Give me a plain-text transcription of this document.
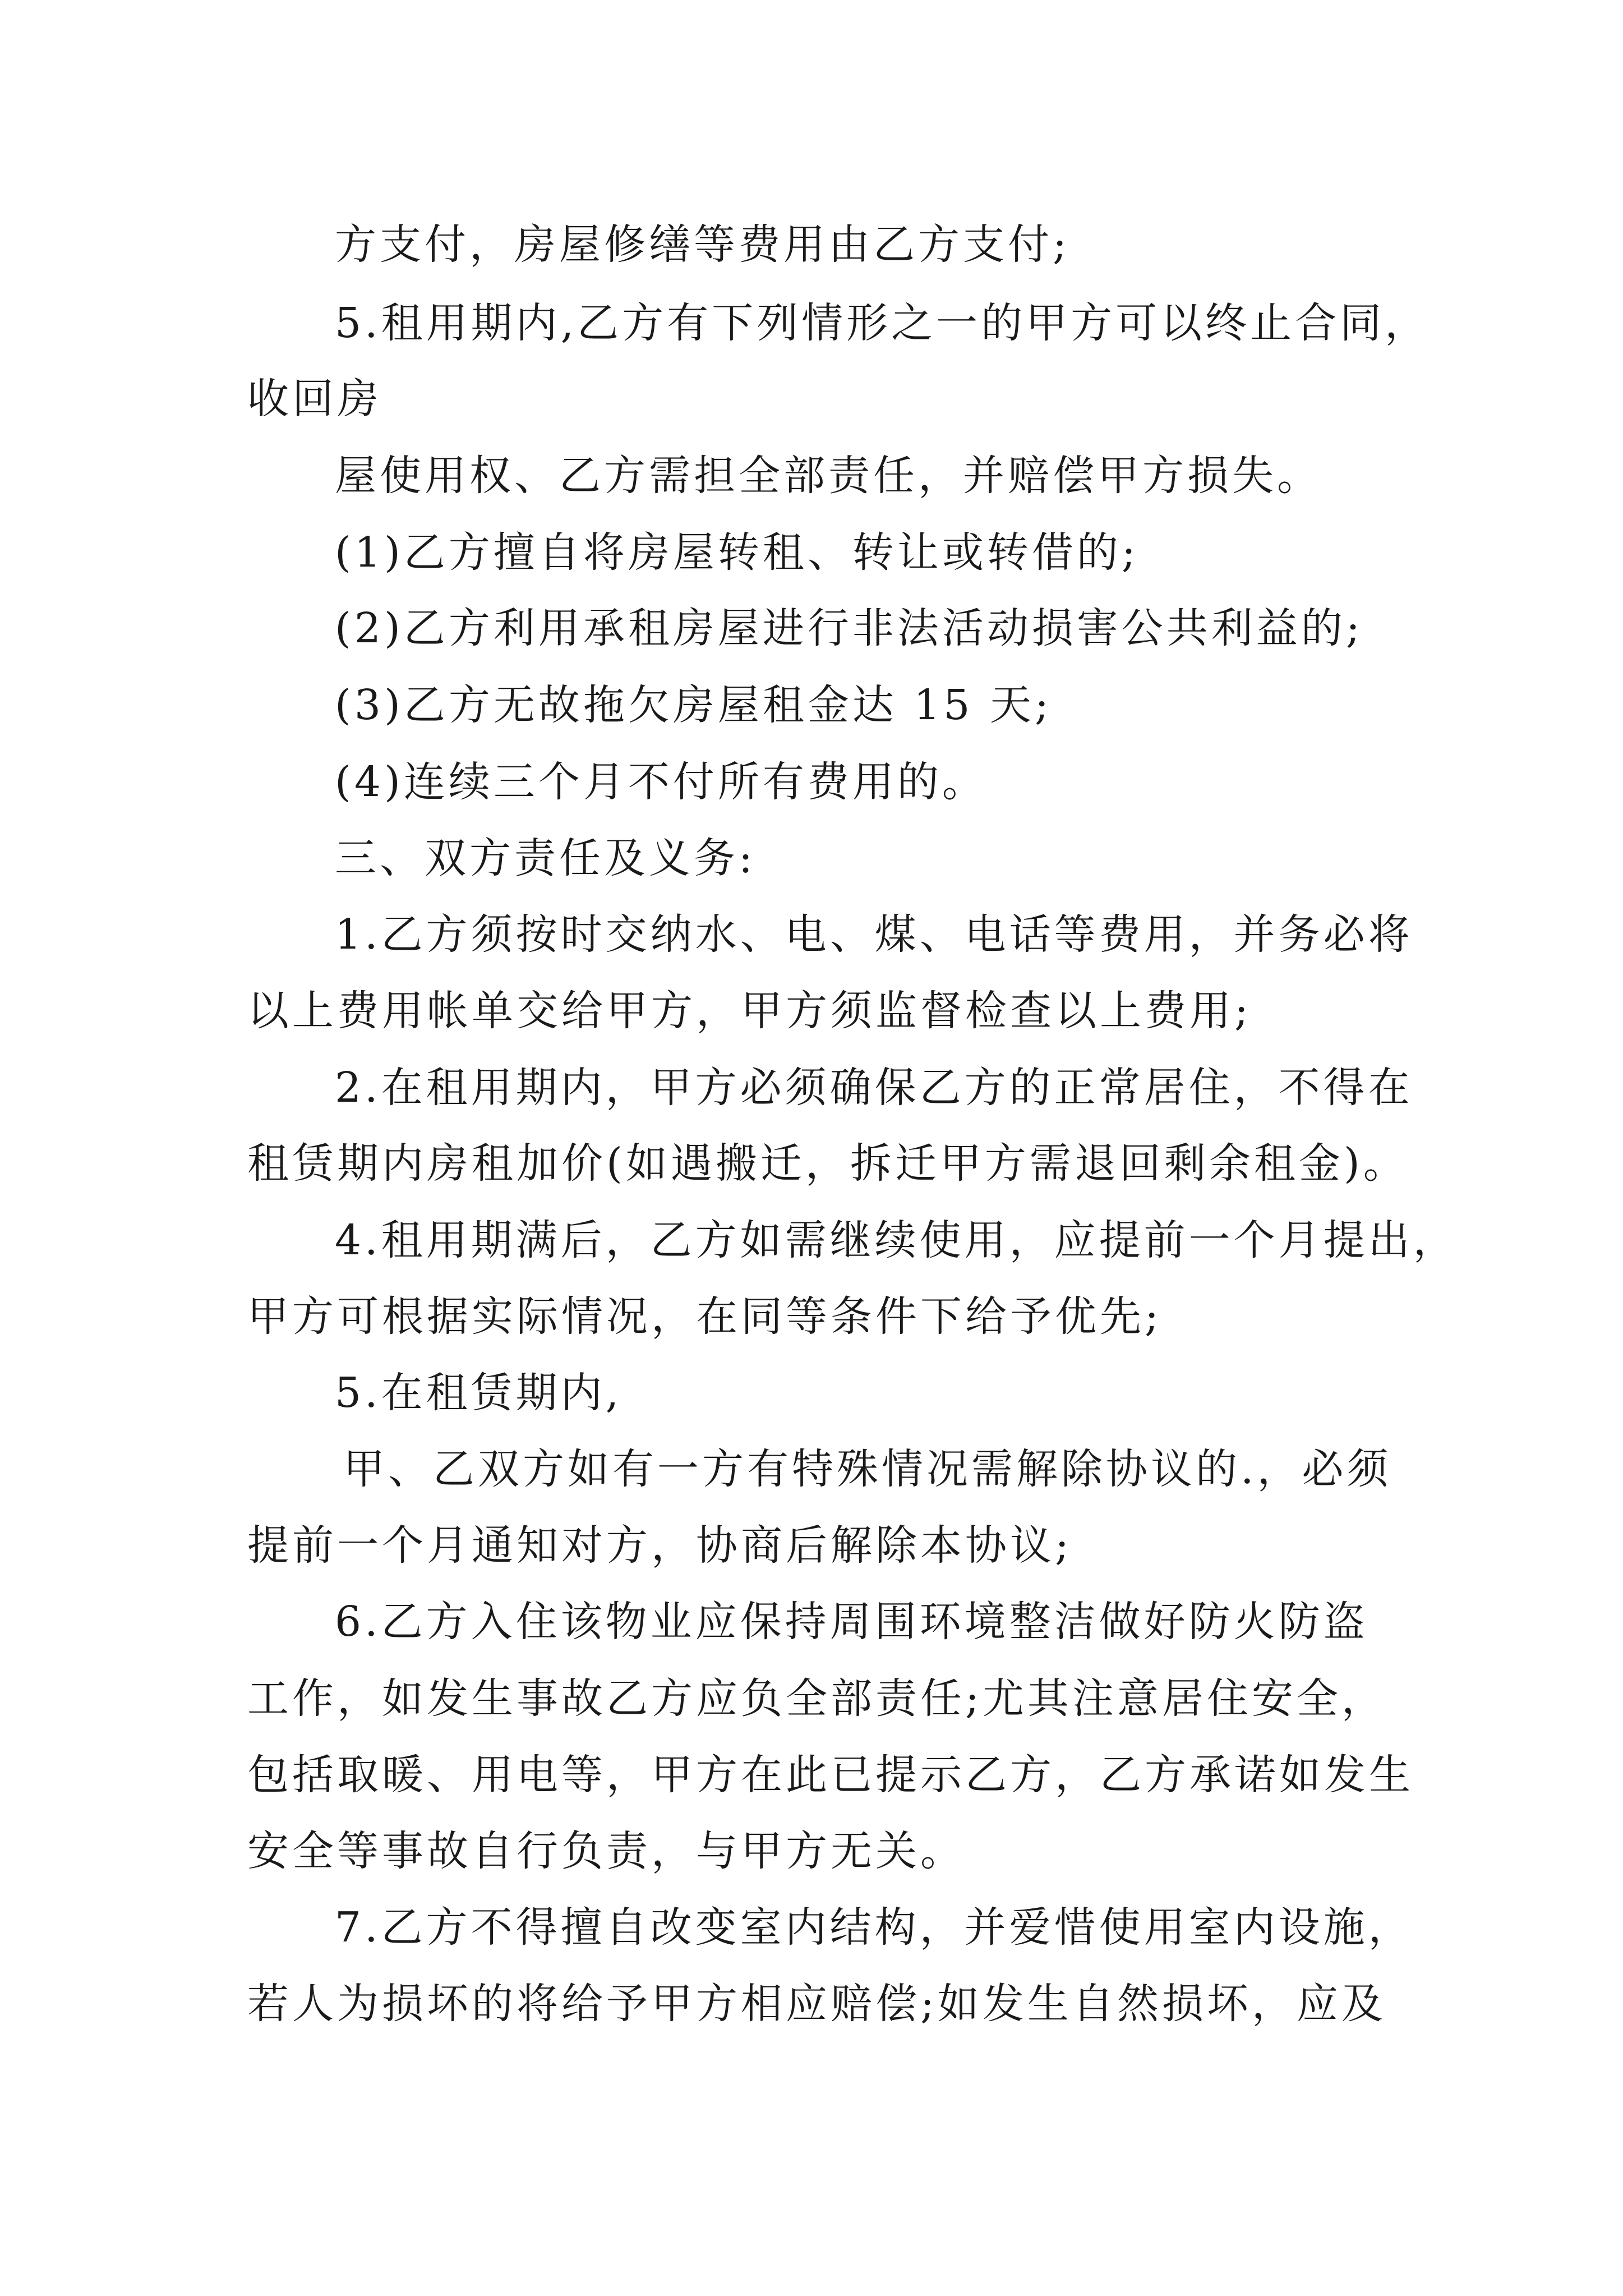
方支付，房屋修缮等费用由乙方支付;

5.租用期内,乙方有下列情形之一的甲方可以终止合同，

收回房

屋使用权、乙方需担全部责任，并赔偿甲方损失。

(1)乙方擅自将房屋转租、转让或转借的;

(2)乙方利用承租房屋进行非法活动损害公共利益的;

(3)乙方无故拖欠房屋租金达 15 天;

(4)连续三个月不付所有费用的。

三、双方责任及义务:

1.乙方须按时交纳水、电、煤、电话等费用，并务必将

以上费用帐单交给甲方，甲方须监督检查以上费用;

2.在租用期内，甲方必须确保乙方的正常居住，不得在

租赁期内房租加价(如遇搬迁，拆迁甲方需退回剩余租金)。

4.租用期满后，乙方如需继续使用，应提前一个月提出，

甲方可根据实际情况，在同等条件下给予优先;

5.在租赁期内,

甲、乙双方如有一方有特殊情况需解除协议的.，必须

提前一个月通知对方，协商后解除本协议;

6.乙方入住该物业应保持周围环境整洁做好防火防盗

工作，如发生事故乙方应负全部责任;尤其注意居住安全，

包括取暖、用电等，甲方在此已提示乙方，乙方承诺如发生

安全等事故自行负责，与甲方无关。

7.乙方不得擅自改变室内结构，并爱惜使用室内设施，

若人为损坏的将给予甲方相应赔偿;如发生自然损坏，应及
